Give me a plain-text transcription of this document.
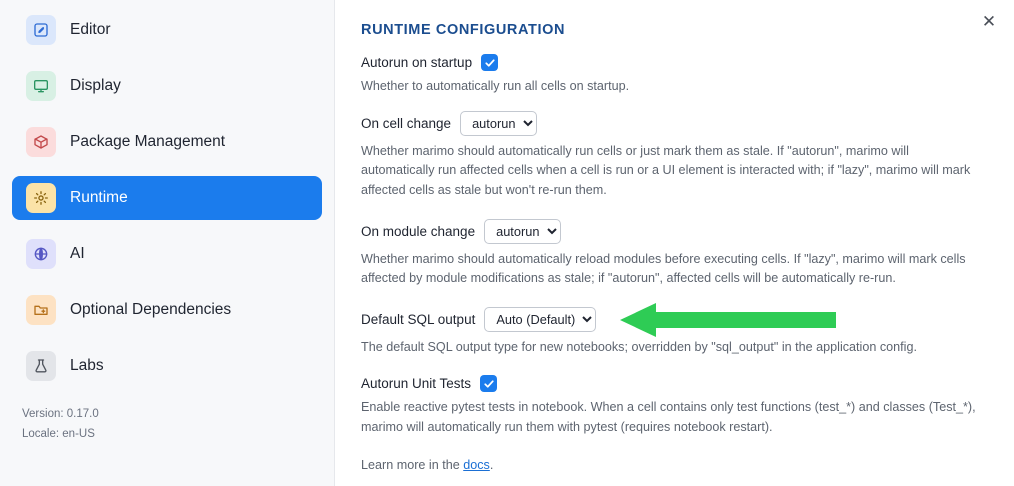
Editor
Display
Package Management
Runtime
AI
Optional Dependencies
Labs
Version: 0.17.0
Locale: en-US
✕
RUNTIME CONFIGURATION
Autorun on startup

Whether to automatically run all cells on startup.

On cell change
autorun

Whether marimo should automatically run cells or just mark them as stale. If "autorun", marimo will automatically run affected cells when a cell is run or a UI element is interacted with; if "lazy", marimo will mark affected cells as stale but won't re-run them.

On module change
autorun

Whether marimo should automatically reload modules before executing cells. If "lazy", marimo will mark cells affected by module modifications as stale; if "autorun", affected cells will be automatically re-run.

Default SQL output
Auto (Default)

The default SQL output type for new notebooks; overridden by "sql_output" in the application config.

Autorun Unit Tests

Enable reactive pytest tests in notebook. When a cell contains only test functions (test_*) and classes (Test_*), marimo will automatically run them with pytest (requires notebook restart).

Learn more in the docs.
